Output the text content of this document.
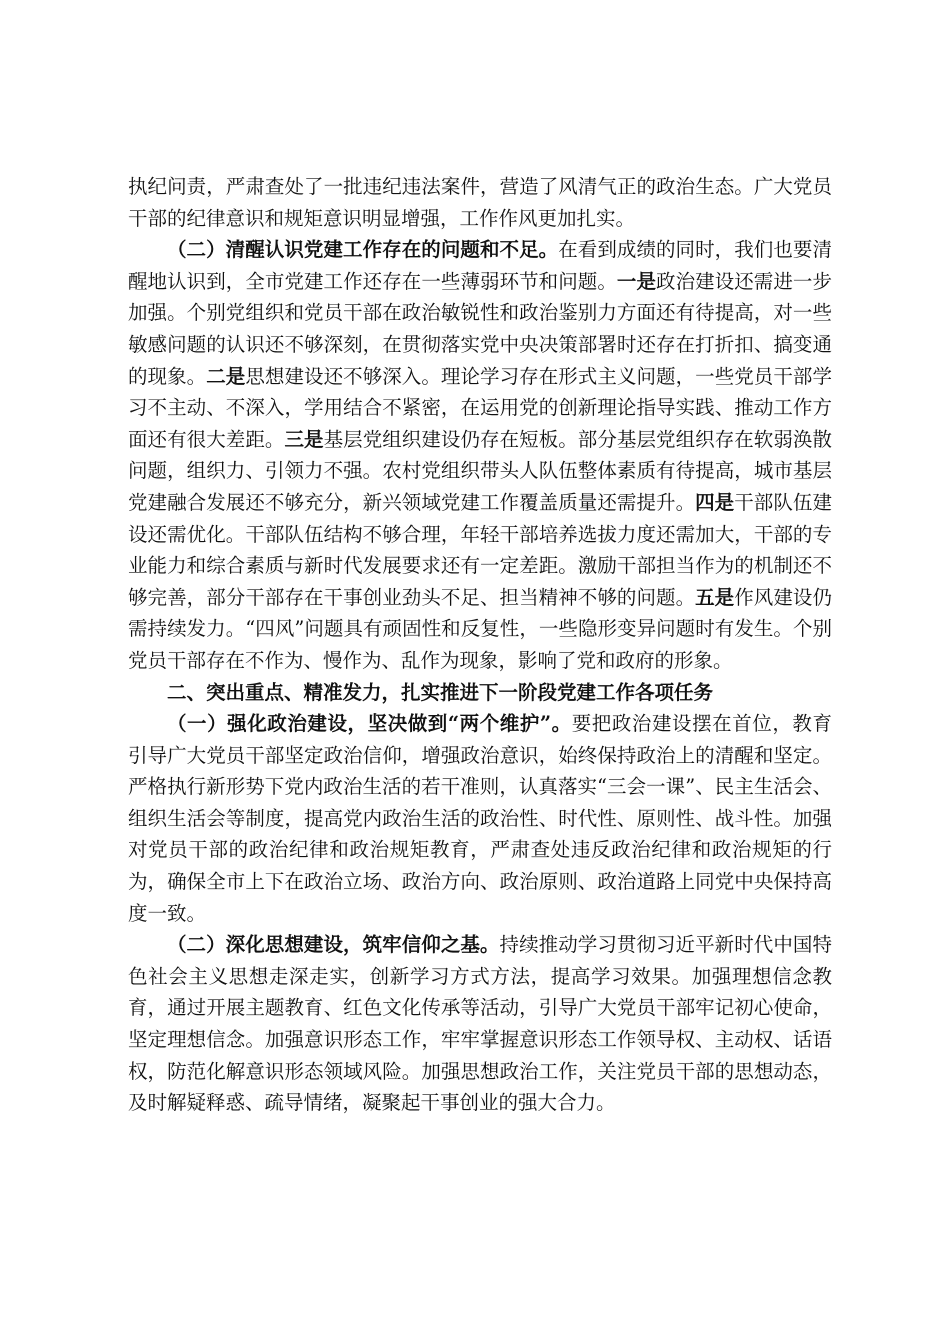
执纪问责，严肃查处了一批违纪违法案件，营造了风清气正的政治生态。广大党员干部的纪律意识和规矩意识明显增强，工作作风更加扎实。

（二）清醒认识党建工作存在的问题和不足。在看到成绩的同时，我们也要清醒地认识到，全市党建工作还存在一些薄弱环节和问题。一是政治建设还需进一步加强。个别党组织和党员干部在政治敏锐性和政治鉴别力方面还有待提高，对一些敏感问题的认识还不够深刻，在贯彻落实党中央决策部署时还存在打折扣、搞变通的现象。二是思想建设还不够深入。理论学习存在形式主义问题，一些党员干部学习不主动、不深入，学用结合不紧密，在运用党的创新理论指导实践、推动工作方面还有很大差距。三是基层党组织建设仍存在短板。部分基层党组织存在软弱涣散问题，组织力、引领力不强。农村党组织带头人队伍整体素质有待提高，城市基层党建融合发展还不够充分，新兴领域党建工作覆盖质量还需提升。四是干部队伍建设还需优化。干部队伍结构不够合理，年轻干部培养选拔力度还需加大，干部的专业能力和综合素质与新时代发展要求还有一定差距。激励干部担当作为的机制还不够完善，部分干部存在干事创业劲头不足、担当精神不够的问题。五是作风建设仍需持续发力。“四风”问题具有顽固性和反复性，一些隐形变异问题时有发生。个别党员干部存在不作为、慢作为、乱作为现象，影响了党和政府的形象。

二、突出重点、精准发力，扎实推进下一阶段党建工作各项任务

（一）强化政治建设，坚决做到“两个维护”。要把政治建设摆在首位，教育引导广大党员干部坚定政治信仰，增强政治意识，始终保持政治上的清醒和坚定。严格执行新形势下党内政治生活的若干准则，认真落实“三会一课”、民主生活会、组织生活会等制度，提高党内政治生活的政治性、时代性、原则性、战斗性。加强对党员干部的政治纪律和政治规矩教育，严肃查处违反政治纪律和政治规矩的行为，确保全市上下在政治立场、政治方向、政治原则、政治道路上同党中央保持高度一致。

（二）深化思想建设，筑牢信仰之基。持续推动学习贯彻习近平新时代中国特色社会主义思想走深走实，创新学习方式方法，提高学习效果。加强理想信念教育，通过开展主题教育、红色文化传承等活动，引导广大党员干部牢记初心使命，坚定理想信念。加强意识形态工作，牢牢掌握意识形态工作领导权、主动权、话语权，防范化解意识形态领域风险。加强思想政治工作，关注党员干部的思想动态，及时解疑释惑、疏导情绪，凝聚起干事创业的强大合力。
